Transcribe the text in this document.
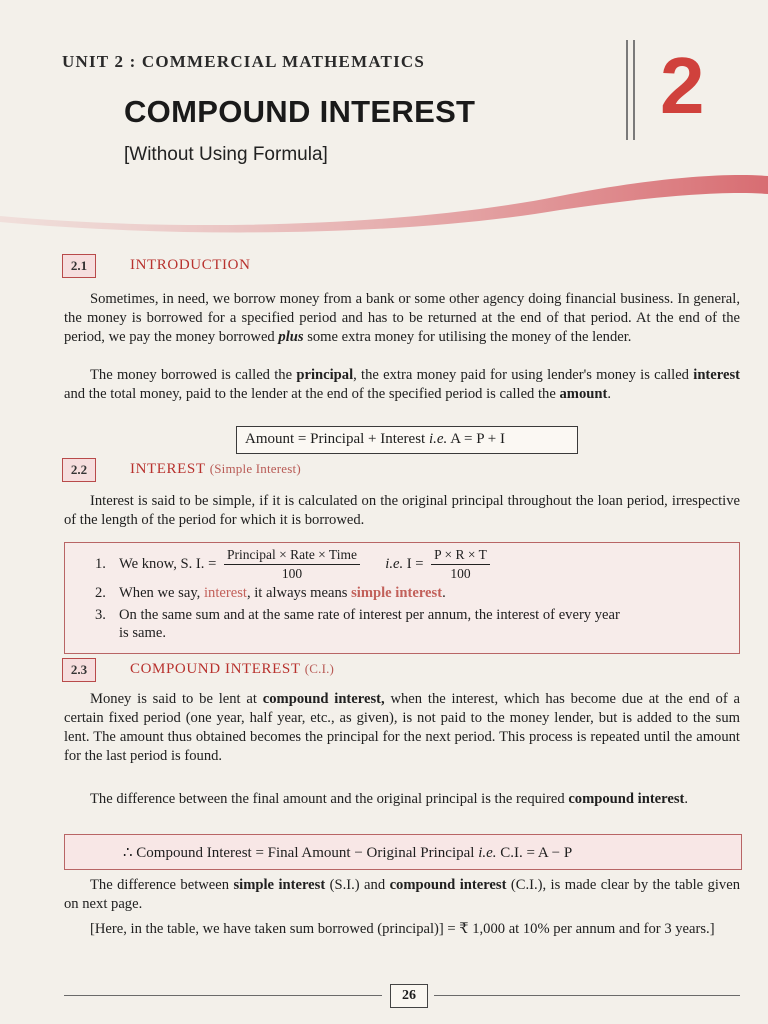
UNIT 2 : COMMERCIAL MATHEMATICS
COMPOUND INTEREST
[Without Using Formula]
2
2.1	INTRODUCTION
Sometimes, in need, we borrow money from a bank or some other agency doing financial business. In general, the money is borrowed for a specified period and has to be returned at the end of that period. At the end of the period, we pay the money borrowed plus some extra money for utilising the money of the lender.
The money borrowed is called the principal, the extra money paid for using lender's money is called interest and the total money, paid to the lender at the end of the specified period is called the amount.
Amount = Principal + Interest i.e. A = P + I
2.2	INTEREST (Simple Interest)
Interest is said to be simple, if it is calculated on the original principal throughout the loan period, irrespective of the length of the period for which it is borrowed.
1. We know, S. I. = $\frac{\text{Principal × Rate × Time}}{100} i.e$. $I = \frac{P \times R \times T}{100}$
2. When we say, interest, it always means simple interest.
3. On the same sum and at the same rate of interest per annum, the interest of every year
is same.
2.3	COMPOUND INTEREST (C.I.)
Money is said to be lent at compound interest, when the interest, which has become due at the end of a certain fixed period (one year, half year, etc., as given), is not paid to the money lender, but is added to the sum lent. The amount thus obtained becomes the principal for the next period. This process is repeated until the amount for the last period is found.
The difference between the final amount and the original principal is the required compound interest.
∴ Compound Interest = Final Amount − Original Principal i.e. C.I. = A − P
The difference between simple interest (S.I.) and compound interest (C.I.), is made clear by the table given on next page.
[Here, in the table, we have taken sum borrowed (principal)] = ₹ 1,000 at 10% per annum and for 3 years.]
26
